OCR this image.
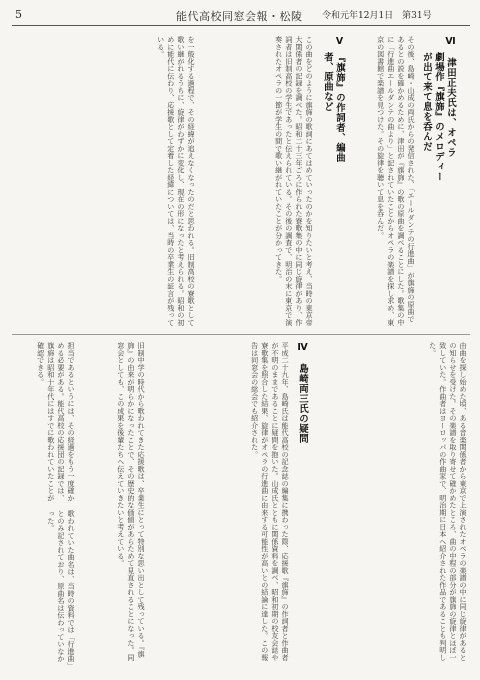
5	能代高校同窓会報・松陵 令和元年12月1日　第31号
Ⅵ　津田正夫氏は、オペラ
劇場作『旗旆』のメロディー
が出て来て息を呑んだ
その後、島崎・山成の両氏からの発信された、「エールダンテの行進曲」が旗旆の原曲であるとの説を確かめるために、津田が『旗旆』の歌の原曲を調べることにした。歌集の中に「行進曲エールダンテの曲より」と記されていたことからオペラの楽譜を探し求め、東京の図書館で楽譜を見つけた。その旋律を聴いて息を呑んだ。
Ⅴ　『旗旆』の作詞者、編曲
者、原曲など
この曲をどのように旗旆の歌詞にあてはめていったのかを知りたいと考え、当時の東京帝大関係者の記録を調べた。昭和二十三年ごろに作られた寮歌集の中に同じ旋律があり、作詞者は旧制高校の学生であったと伝えられている。その後の調査で、明治の末に東京で演奏されたオペラの一節が学生の間で歌い継がれていたことが分かってきた。
を一般化する過程で、その経緯が追えなくなったのだと思われる。旧制高校の寮歌として歌い継がれるうちに、旋律がわずかに変化し、現在の形になったと考えられる。昭和の初めに能代に伝わり、応援歌として定着した経緯については、当時の卒業生の証言が残っている。
由曲を探し始めた頃、ある音楽関係者から東京で上演されたオペラの楽譜の中に同じ旋律があるとの知らせを受けた。その楽譜を取り寄せて確かめたところ、曲の中程の部分が旗旆の旋律とほぼ一致していた。作曲者はヨーロッパの作曲家で、明治期に日本へ紹介された作品であることも判明した。
Ⅳ　島崎両三氏の疑問
平成二十九年、島崎氏は能代高校の記念誌の編集に携わった際、応援歌『旗旆』の作詞者と作曲者が不明のままであることに疑問を抱いた。山成氏とともに関係資料を調べ、昭和初期の校友会誌や寮歌集を照合した結果、旋律がオペラの行進曲に由来する可能性が高いとの結論に達した。この報告は同窓会の総会でも紹介された。
旧制中学の時代から歌われてきた応援歌は、卒業生にとって特別な思い出として残っている。『旗旆』の由来が明らかになったことで、その歴史的な価値があらためて見直されることになった。同窓会としても、この成果を後輩たちへ伝えていきたいと考えている。
担当であるというには、その経過をもう一度確かめる必要がある。能代高校の応援団の記録では、旗旆は昭和十年代にはすでに歌われていたことが確認できる。
歌われていた曲名は、当時の資料では「行進曲」とのみ記されており、原曲名は伝わっていなかった。
